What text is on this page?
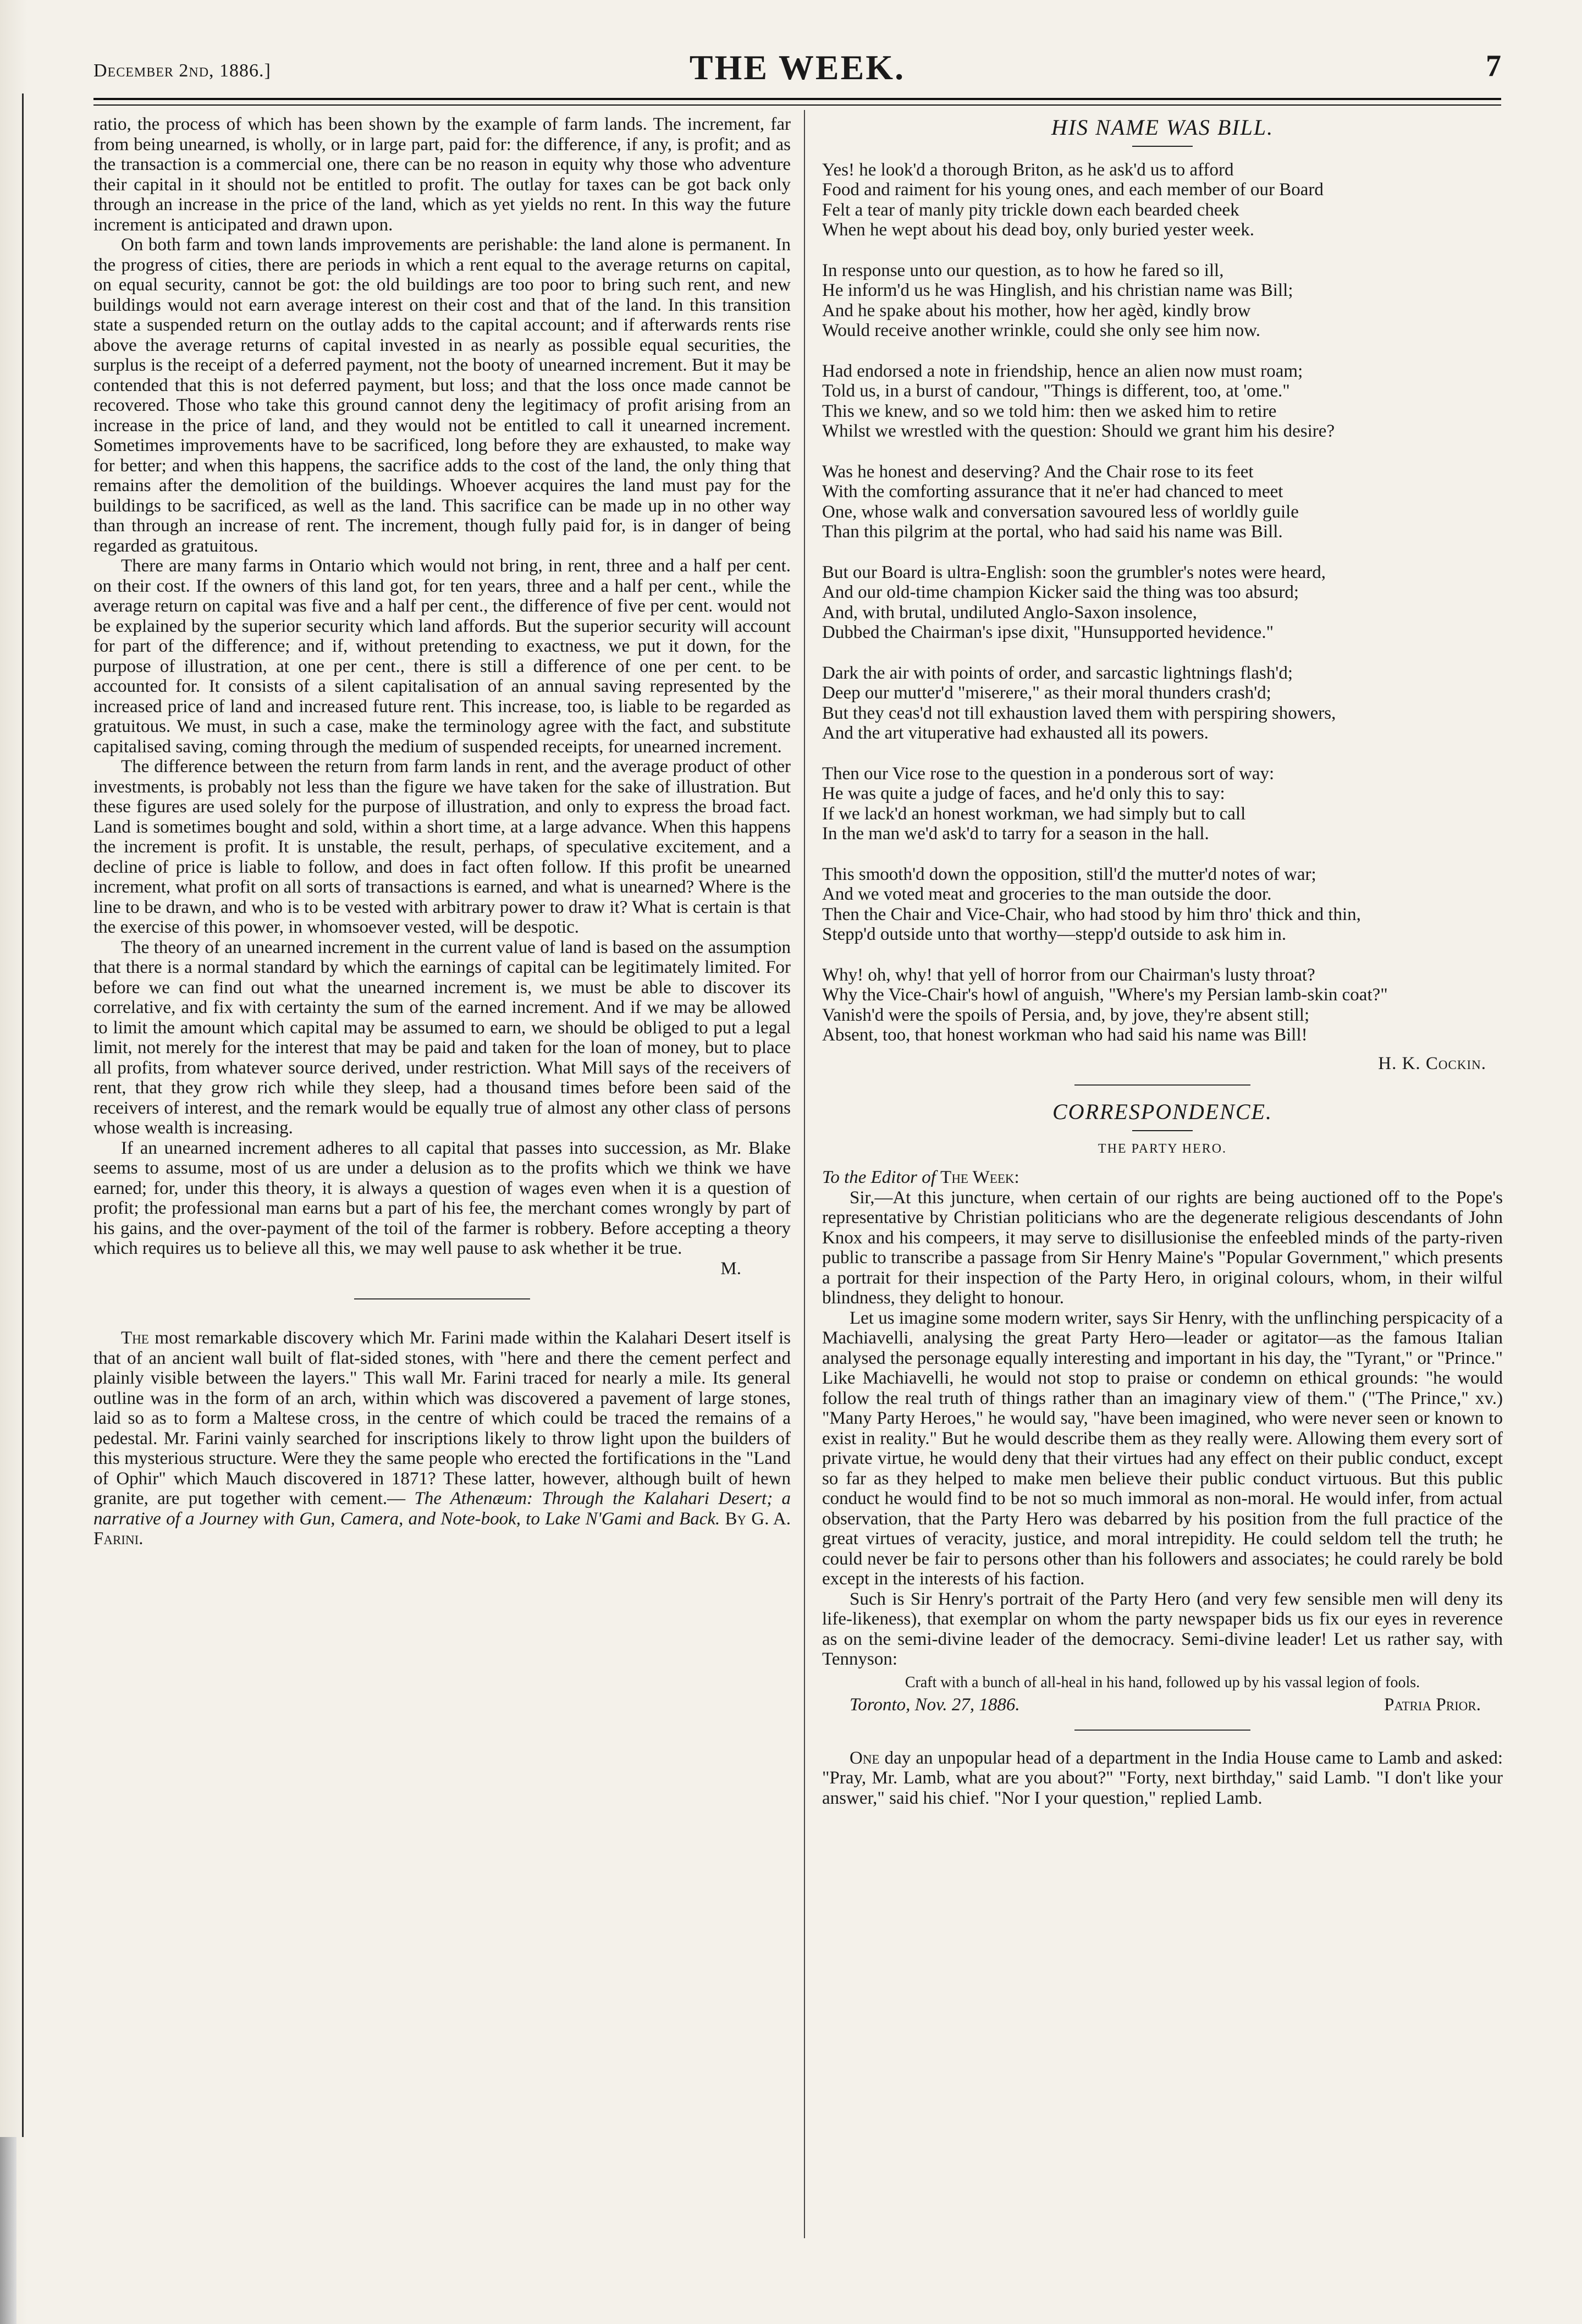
December 2nd, 1886.]	THE WEEK.	7

ratio, the process of which has been shown by the example of farm lands. The increment, far from being unearned, is wholly, or in large part, paid for: the difference, if any, is profit; and as the transaction is a commercial one, there can be no reason in equity why those who adventure their capital in it should not be entitled to profit. The outlay for taxes can be got back only through an increase in the price of the land, which as yet yields no rent. In this way the future increment is anticipated and drawn upon.

On both farm and town lands improvements are perishable: the land alone is permanent. In the progress of cities, there are periods in which a rent equal to the average returns on capital, on equal security, cannot be got: the old buildings are too poor to bring such rent, and new buildings would not earn average interest on their cost and that of the land. In this transition state a suspended return on the outlay adds to the capital account; and if afterwards rents rise above the average returns of capital invested in as nearly as possible equal securities, the surplus is the receipt of a deferred payment, not the booty of unearned increment. But it may be contended that this is not deferred payment, but loss; and that the loss once made cannot be recovered. Those who take this ground cannot deny the legitimacy of profit arising from an increase in the price of land, and they would not be entitled to call it unearned increment. Sometimes improvements have to be sacrificed, long before they are exhausted, to make way for better; and when this happens, the sacrifice adds to the cost of the land, the only thing that remains after the demolition of the buildings. Whoever acquires the land must pay for the buildings to be sacrificed, as well as the land. This sacrifice can be made up in no other way than through an increase of rent. The increment, though fully paid for, is in danger of being regarded as gratuitous.

There are many farms in Ontario which would not bring, in rent, three and a half per cent. on their cost. If the owners of this land got, for ten years, three and a half per cent., while the average return on capital was five and a half per cent., the difference of five per cent. would not be explained by the superior security which land affords. But the superior security will account for part of the difference; and if, without pretending to exactness, we put it down, for the purpose of illustration, at one per cent., there is still a difference of one per cent. to be accounted for. It consists of a silent capitalisation of an annual saving represented by the increased price of land and increased future rent. This increase, too, is liable to be regarded as gratuitous. We must, in such a case, make the terminology agree with the fact, and substitute capitalised saving, coming through the medium of suspended receipts, for unearned increment.

The difference between the return from farm lands in rent, and the average product of other investments, is probably not less than the figure we have taken for the sake of illustration. But these figures are used solely for the purpose of illustration, and only to express the broad fact. Land is sometimes bought and sold, within a short time, at a large advance. When this happens the increment is profit. It is unstable, the result, perhaps, of speculative excitement, and a decline of price is liable to follow, and does in fact often follow. If this profit be unearned increment, what profit on all sorts of transactions is earned, and what is unearned? Where is the line to be drawn, and who is to be vested with arbitrary power to draw it? What is certain is that the exercise of this power, in whomsoever vested, will be despotic.

The theory of an unearned increment in the current value of land is based on the assumption that there is a normal standard by which the earnings of capital can be legitimately limited. For before we can find out what the unearned increment is, we must be able to discover its correlative, and fix with certainty the sum of the earned increment. And if we may be allowed to limit the amount which capital may be assumed to earn, we should be obliged to put a legal limit, not merely for the interest that may be paid and taken for the loan of money, but to place all profits, from whatever source derived, under restriction. What Mill says of the receivers of rent, that they grow rich while they sleep, had a thousand times before been said of the receivers of interest, and the remark would be equally true of almost any other class of persons whose wealth is increasing.

If an unearned increment adheres to all capital that passes into succession, as Mr. Blake seems to assume, most of us are under a delusion as to the profits which we think we have earned; for, under this theory, it is always a question of wages even when it is a question of profit; the professional man earns but a part of his fee, the merchant comes wrongly by part of his gains, and the over-payment of the toil of the farmer is robbery. Before accepting a theory which requires us to believe all this, we may well pause to ask whether it be true.

M.

The most remarkable discovery which Mr. Farini made within the Kalahari Desert itself is that of an ancient wall built of flat-sided stones, with "here and there the cement perfect and plainly visible between the layers." This wall Mr. Farini traced for nearly a mile. Its general outline was in the form of an arch, within which was discovered a pavement of large stones, laid so as to form a Maltese cross, in the centre of which could be traced the remains of a pedestal. Mr. Farini vainly searched for inscriptions likely to throw light upon the builders of this mysterious structure. Were they the same people who erected the fortifications in the "Land of Ophir" which Mauch discovered in 1871? These latter, however, although built of hewn granite, are put together with cement.— The Athenæum: Through the Kalahari Desert; a narrative of a Journey with Gun, Camera, and Note-book, to Lake N'Gami and Back. By G. A. Farini.

HIS NAME WAS BILL.
Yes! he look'd a thorough Briton, as he ask'd us to afford
Food and raiment for his young ones, and each member of our Board
Felt a tear of manly pity trickle down each bearded cheek
When he wept about his dead boy, only buried yester week.
In response unto our question, as to how he fared so ill,
He inform'd us he was Hinglish, and his christian name was Bill;
And he spake about his mother, how her agèd, kindly brow
Would receive another wrinkle, could she only see him now.
Had endorsed a note in friendship, hence an alien now must roam;
Told us, in a burst of candour, "Things is different, too, at 'ome."
This we knew, and so we told him: then we asked him to retire
Whilst we wrestled with the question: Should we grant him his desire?
Was he honest and deserving? And the Chair rose to its feet
With the comforting assurance that it ne'er had chanced to meet
One, whose walk and conversation savoured less of worldly guile
Than this pilgrim at the portal, who had said his name was Bill.
But our Board is ultra-English: soon the grumbler's notes were heard,
And our old-time champion Kicker said the thing was too absurd;
And, with brutal, undiluted Anglo-Saxon insolence,
Dubbed the Chairman's ipse dixit, "Hunsupported hevidence."
Dark the air with points of order, and sarcastic lightnings flash'd;
Deep our mutter'd "miserere," as their moral thunders crash'd;
But they ceas'd not till exhaustion laved them with perspiring showers,
And the art vituperative had exhausted all its powers.
Then our Vice rose to the question in a ponderous sort of way:
He was quite a judge of faces, and he'd only this to say:
If we lack'd an honest workman, we had simply but to call
In the man we'd ask'd to tarry for a season in the hall.
This smooth'd down the opposition, still'd the mutter'd notes of war;
And we voted meat and groceries to the man outside the door.
Then the Chair and Vice-Chair, who had stood by him thro' thick and thin,
Stepp'd outside unto that worthy—stepp'd outside to ask him in.
Why! oh, why! that yell of horror from our Chairman's lusty throat?
Why the Vice-Chair's howl of anguish, "Where's my Persian lamb-skin coat?"
Vanish'd were the spoils of Persia, and, by jove, they're absent still;
Absent, too, that honest workman who had said his name was Bill!
H. K. Cockin.
CORRESPONDENCE.
THE PARTY HERO.

To the Editor of The Week:

Sir,—At this juncture, when certain of our rights are being auctioned off to the Pope's representative by Christian politicians who are the degenerate religious descendants of John Knox and his compeers, it may serve to disillusionise the enfeebled minds of the party-riven public to transcribe a passage from Sir Henry Maine's "Popular Government," which presents a portrait for their inspection of the Party Hero, in original colours, whom, in their wilful blindness, they delight to honour.

Let us imagine some modern writer, says Sir Henry, with the unflinching perspicacity of a Machiavelli, analysing the great Party Hero—leader or agitator—as the famous Italian analysed the personage equally interesting and important in his day, the "Tyrant," or "Prince." Like Machiavelli, he would not stop to praise or condemn on ethical grounds: "he would follow the real truth of things rather than an imaginary view of them." ("The Prince," xv.) "Many Party Heroes," he would say, "have been imagined, who were never seen or known to exist in reality." But he would describe them as they really were. Allowing them every sort of private virtue, he would deny that their virtues had any effect on their public conduct, except so far as they helped to make men believe their public conduct virtuous. But this public conduct he would find to be not so much immoral as non-moral. He would infer, from actual observation, that the Party Hero was debarred by his position from the full practice of the great virtues of veracity, justice, and moral intrepidity. He could seldom tell the truth; he could never be fair to persons other than his followers and associates; he could rarely be bold except in the interests of his faction.

Such is Sir Henry's portrait of the Party Hero (and very few sensible men will deny its life-likeness), that exemplar on whom the party newspaper bids us fix our eyes in reverence as on the semi-divine leader of the democracy. Semi-divine leader! Let us rather say, with Tennyson:

Craft with a bunch of all-heal in his hand, followed up by his vassal legion of fools.

Toronto, Nov. 27, 1886.	Patria Prior.

One day an unpopular head of a department in the India House came to Lamb and asked: "Pray, Mr. Lamb, what are you about?" "Forty, next birthday," said Lamb. "I don't like your answer," said his chief. "Nor I your question," replied Lamb.
